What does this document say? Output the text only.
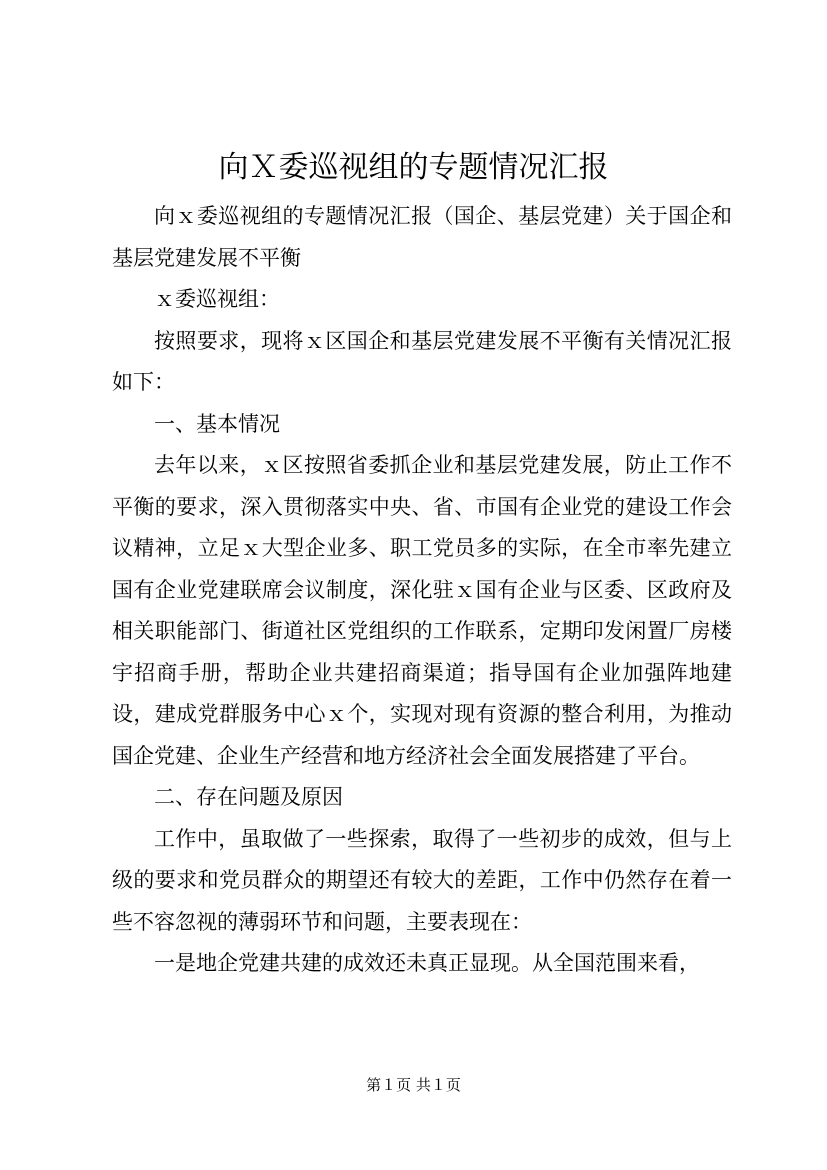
向Ｘ委巡视组的专题情况汇报

向ｘ委巡视组的专题情况汇报（国企、基层党建）关于国企和基层党建发展不平衡

ｘ委巡视组：

按照要求，现将ｘ区国企和基层党建发展不平衡有关情况汇报如下：

一、基本情况

去年以来，ｘ区按照省委抓企业和基层党建发展，防止工作不平衡的要求，深入贯彻落实中央、省、市国有企业党的建设工作会议精神，立足ｘ大型企业多、职工党员多的实际，在全市率先建立国有企业党建联席会议制度，深化驻ｘ国有企业与区委、区政府及相关职能部门、街道社区党组织的工作联系，定期印发闲置厂房楼宇招商手册，帮助企业共建招商渠道；指导国有企业加强阵地建设，建成党群服务中心ｘ个，实现对现有资源的整合利用，为推动国企党建、企业生产经营和地方经济社会全面发展搭建了平台。

二、存在问题及原因

工作中，虽取做了一些探索，取得了一些初步的成效，但与上级的要求和党员群众的期望还有较大的差距，工作中仍然存在着一些不容忽视的薄弱环节和问题，主要表现在：

一是地企党建共建的成效还未真正显现。从全国范围来看，

第１页 共１页
